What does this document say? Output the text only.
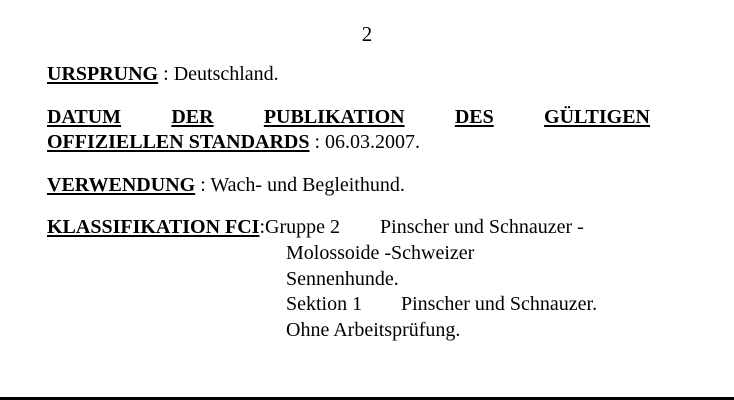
2
URSPRUNG : Deutschland.
DATUM	DER	PUBLIKATION	DES	GÜLTIGEN
OFFIZIELLEN STANDARDS : 06.03.2007.
VERWENDUNG : Wach- und Begleithund.
KLASSIFIKATION FCI : Gruppe 2	Pinscher und Schnauzer -
Molossoide -Schweizer
Sennenhunde.
Sektion 1	Pinscher und Schnauzer.
Ohne Arbeitsprüfung.
